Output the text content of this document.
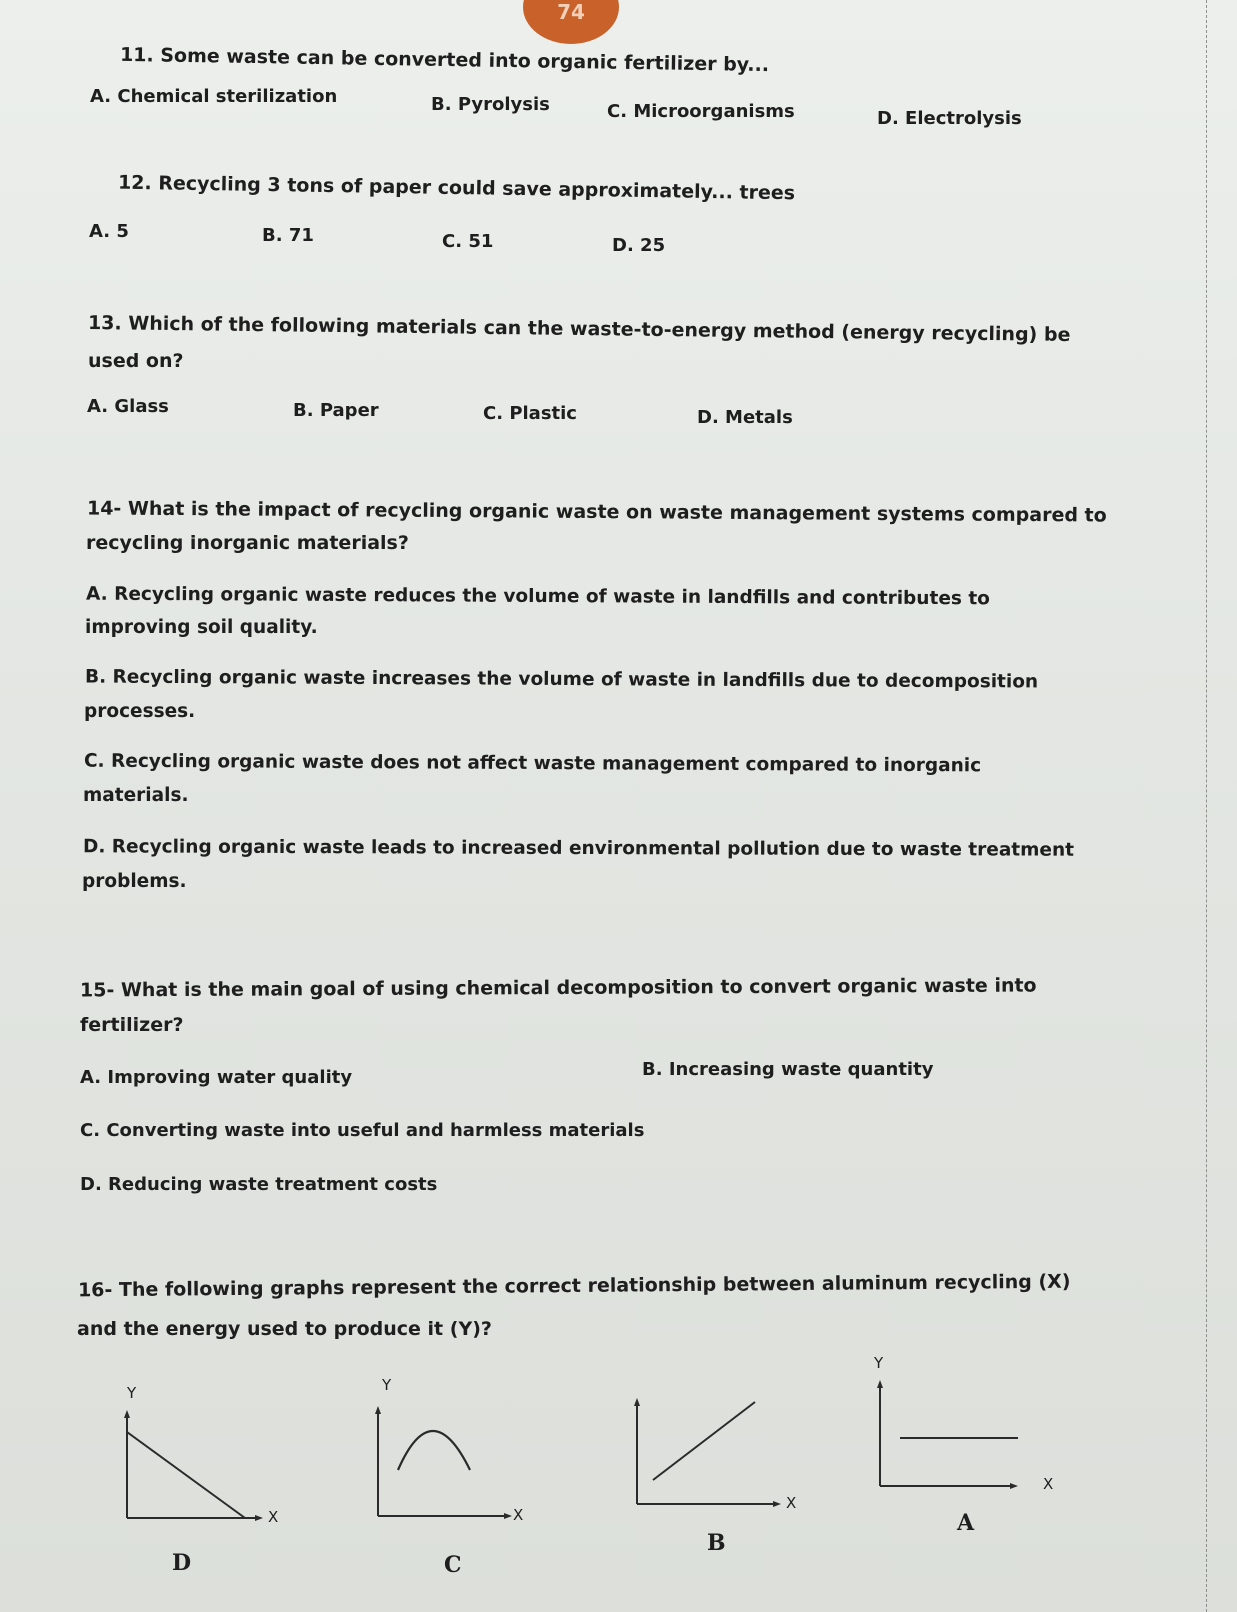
74
11. Some waste can be converted into organic fertilizer by...
A. Chemical sterilization	B. Pyrolysis	C. Microorganisms	D. Electrolysis
12. Recycling 3 tons of paper could save approximately... trees
A. 5	B. 71	C. 51	D. 25
13. Which of the following materials can the waste-to-energy method (energy recycling) be
used on?
A. Glass	B. Paper	C. Plastic	D. Metals
14- What is the impact of recycling organic waste on waste management systems compared to
recycling inorganic materials?
A. Recycling organic waste reduces the volume of waste in landfills and contributes to
improving soil quality.
B. Recycling organic waste increases the volume of waste in landfills due to decomposition
processes.
C. Recycling organic waste does not affect waste management compared to inorganic
materials.
D. Recycling organic waste leads to increased environmental pollution due to waste treatment
problems.
15- What is the main goal of using chemical decomposition to convert organic waste into
fertilizer?
A. Improving water quality	B. Increasing waste quantity
C. Converting waste into useful and harmless materials
D. Reducing waste treatment costs
16- The following graphs represent the correct relationship between aluminum recycling (X)
and the energy used to produce it (Y)?
Y
X
D
Y
X
C
X
B
Y
X
A
